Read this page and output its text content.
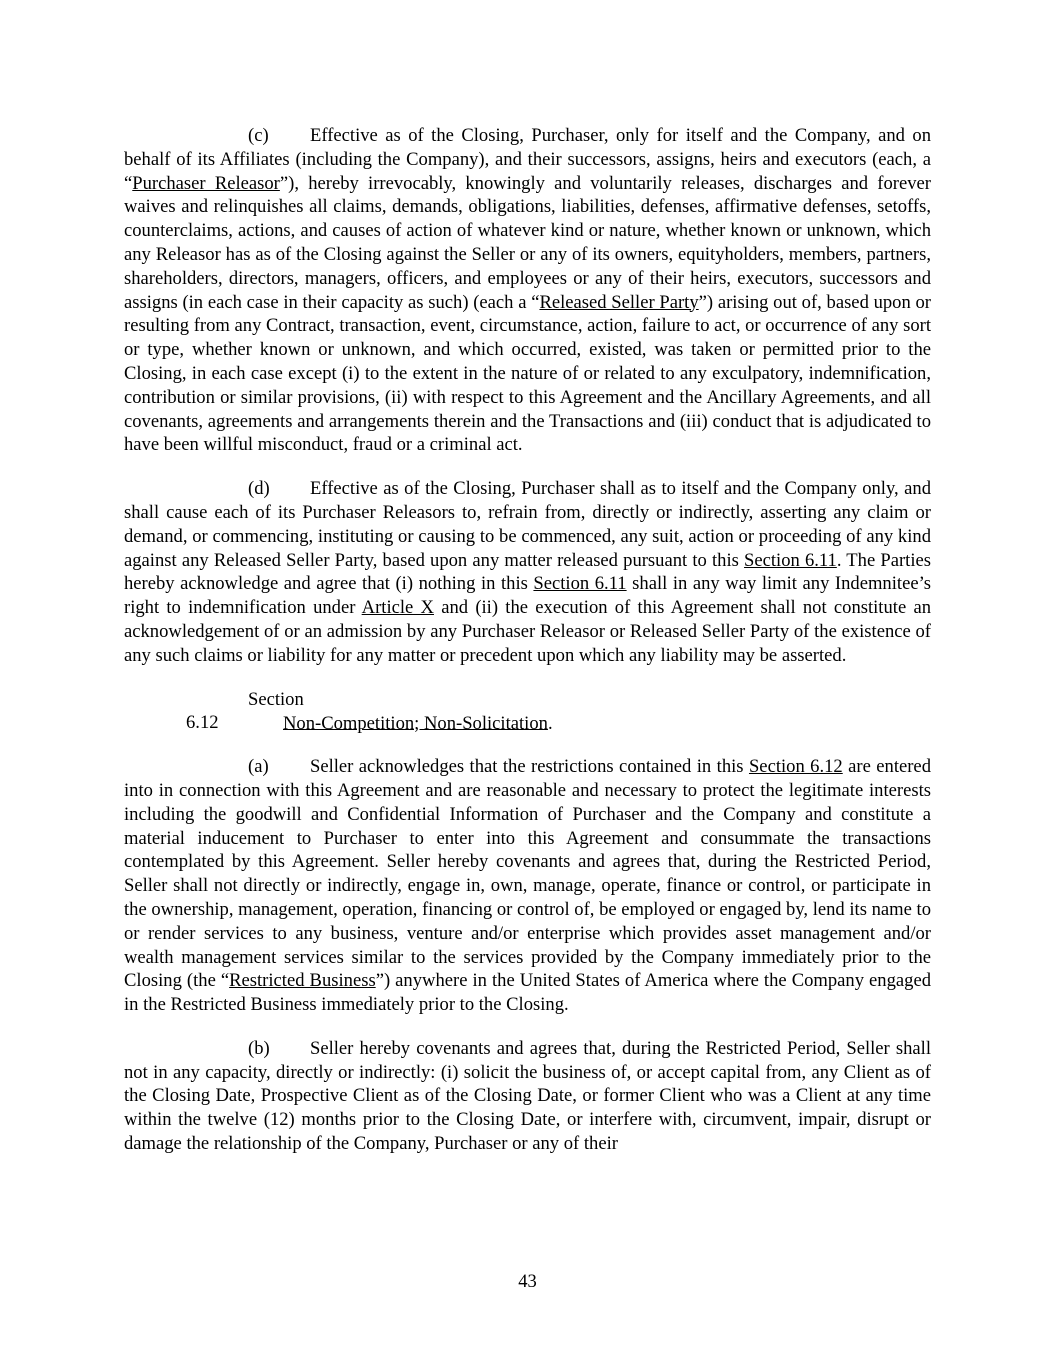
(c) Effective as of the Closing, Purchaser, only for itself and the Company, and on behalf of its Affiliates (including the Company), and their successors, assigns, heirs and executors (each, a “Purchaser Releasor”), hereby irrevocably, knowingly and voluntarily releases, discharges and forever waives and relinquishes all claims, demands, obligations, liabilities, defenses, affirmative defenses, setoffs, counterclaims, actions, and causes of action of whatever kind or nature, whether known or unknown, which any Releasor has as of the Closing against the Seller or any of its owners, equityholders, members, partners, shareholders, directors, managers, officers, and employees or any of their heirs, executors, successors and assigns (in each case in their capacity as such) (each a “Released Seller Party”) arising out of, based upon or resulting from any Contract, transaction, event, circumstance, action, failure to act, or occurrence of any sort or type, whether known or unknown, and which occurred, existed, was taken or permitted prior to the Closing, in each case except (i) to the extent in the nature of or related to any exculpatory, indemnification, contribution or similar provisions, (ii) with respect to this Agreement and the Ancillary Agreements, and all covenants, agreements and arrangements therein and the Transactions and (iii) conduct that is adjudicated to have been willful misconduct, fraud or a criminal act.

(d) Effective as of the Closing, Purchaser shall as to itself and the Company only, and shall cause each of its Purchaser Releasors to, refrain from, directly or indirectly, asserting any claim or demand, or commencing, instituting or causing to be commenced, any suit, action or proceeding of any kind against any Released Seller Party, based upon any matter released pursuant to this Section 6.11. The Parties hereby acknowledge and agree that (i) nothing in this Section 6.11 shall in any way limit any Indemnitee’s right to indemnification under Article X and (ii) the execution of this Agreement shall not constitute an acknowledgement of or an admission by any Purchaser Releasor or Released Seller Party of the existence of any such claims or liability for any matter or precedent upon which any liability may be asserted.

Section 6.12	Non-Competition; Non-Solicitation.

(a) Seller acknowledges that the restrictions contained in this Section 6.12 are entered into in connection with this Agreement and are reasonable and necessary to protect the legitimate interests including the goodwill and Confidential Information of Purchaser and the Company and constitute a material inducement to Purchaser to enter into this Agreement and consummate the transactions contemplated by this Agreement. Seller hereby covenants and agrees that, during the Restricted Period, Seller shall not directly or indirectly, engage in, own, manage, operate, finance or control, or participate in the ownership, management, operation, financing or control of, be employed or engaged by, lend its name to or render services to any business, venture and/or enterprise which provides asset management and/or wealth management services similar to the services provided by the Company immediately prior to the Closing (the “Restricted Business”) anywhere in the United States of America where the Company engaged in the Restricted Business immediately prior to the Closing.

(b) Seller hereby covenants and agrees that, during the Restricted Period, Seller shall not in any capacity, directly or indirectly: (i) solicit the business of, or accept capital from, any Client as of the Closing Date, Prospective Client as of the Closing Date, or former Client who was a Client at any time within the twelve (12) months prior to the Closing Date, or interfere with, circumvent, impair, disrupt or damage the relationship of the Company, Purchaser or any of their

43
